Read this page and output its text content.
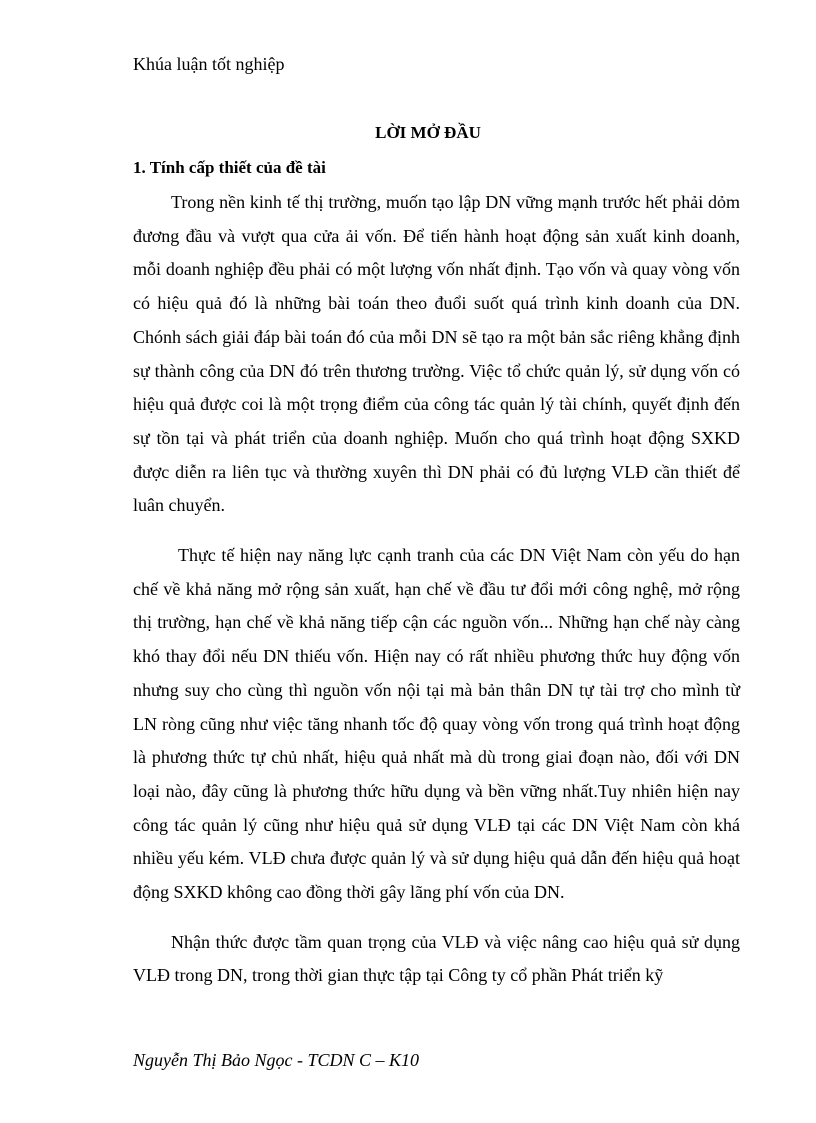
Khúa luận tốt nghiệp
LỜI MỞ ĐẦU
1. Tính cấp thiết của đề tài

Trong nền kinh tế thị trường, muốn tạo lập DN vững mạnh trước hết phải dỏm đương đầu và vượt qua cửa ải vốn. Để tiến hành hoạt động sản xuất kinh doanh, mỗi doanh nghiệp đều phải có một lượng vốn nhất định. Tạo vốn và quay vòng vốn có hiệu quả đó là những bài toán theo đuổi suốt quá trình kinh doanh của DN. Chónh sách giải đáp bài toán đó của mỗi DN sẽ tạo ra một bản sắc riêng khẳng định sự thành công của DN đó trên thương trường. Việc tổ chức quản lý, sử dụng vốn có hiệu quả được coi là một trọng điểm của công tác quản lý tài chính, quyết định đến sự tồn tại và phát triển của doanh nghiệp. Muốn cho quá trình hoạt động SXKD được diễn ra liên tục và thường xuyên thì DN phải có đủ lượng VLĐ cần thiết để luân chuyển.

Thực tế hiện nay năng lực cạnh tranh của các DN Việt Nam còn yếu do hạn chế về khả năng mở rộng sản xuất, hạn chế về đầu tư đổi mới công nghệ, mở rộng thị trường, hạn chế về khả năng tiếp cận các nguồn vốn... Những hạn chế này càng khó thay đổi nếu DN thiếu vốn. Hiện nay có rất nhiều phương thức huy động vốn nhưng suy cho cùng thì nguồn vốn nội tại mà bản thân DN tự tài trợ cho mình từ LN ròng cũng như việc tăng nhanh tốc độ quay vòng vốn trong quá trình hoạt động là phương thức tự chủ nhất, hiệu quả nhất mà dù trong giai đoạn nào, đối với DN loại nào, đây cũng là phương thức hữu dụng và bền vững nhất.Tuy nhiên hiện nay công tác quản lý cũng như hiệu quả sử dụng VLĐ tại các DN Việt Nam còn khá nhiều yếu kém. VLĐ chưa được quản lý và sử dụng hiệu quả dẫn đến hiệu quả hoạt động SXKD không cao đồng thời gây lãng phí vốn của DN.

Nhận thức được tầm quan trọng của VLĐ và việc nâng cao hiệu quả sử dụng VLĐ trong DN, trong thời gian thực tập tại Công ty cổ phần Phát triển kỹ

Nguyễn Thị Bảo Ngọc - TCDN C – K10
